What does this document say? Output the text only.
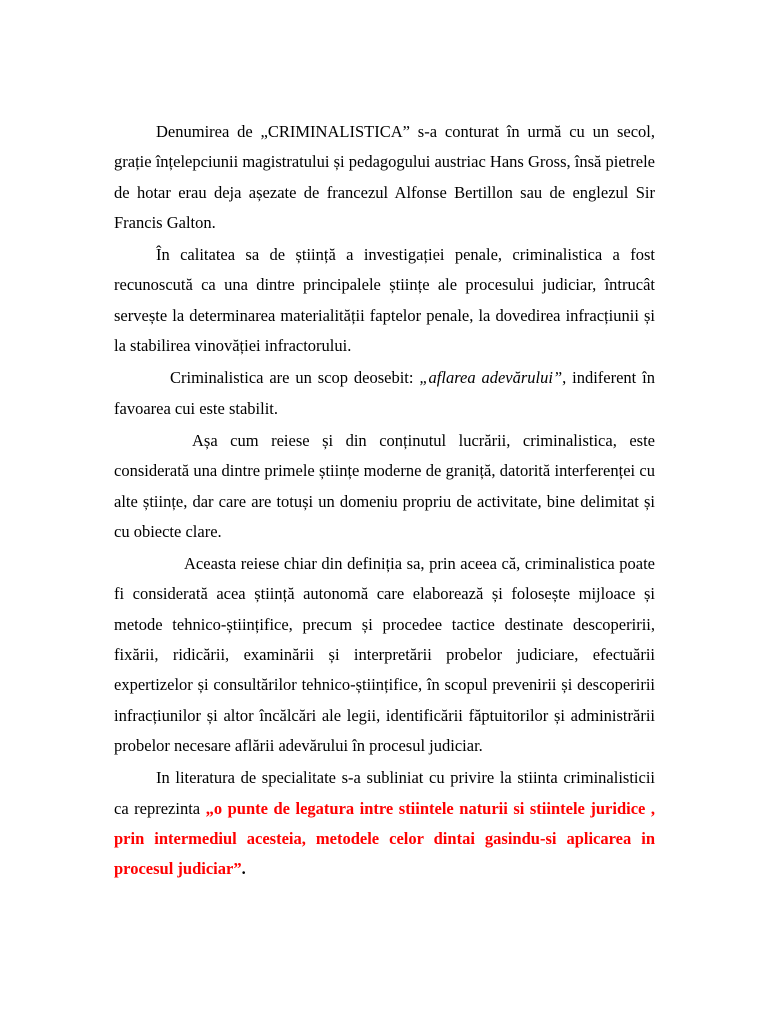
Denumirea de „CRIMINALISTICA” s-a conturat în urmă cu un secol, grație înțelepciunii magistratului și pedagogului austriac Hans Gross, însă pietrele de hotar erau deja așezate de francezul Alfonse Bertillon sau de englezul Sir Francis Galton.

În calitatea sa de știință a investigației penale, criminalistica a fost recunoscută ca una dintre principalele științe ale procesului judiciar, întrucât servește la determinarea materialității faptelor penale, la dovedirea infracțiunii și la stabilirea vinovăției infractorului.

Criminalistica are un scop deosebit: „aflarea adevărului”, indiferent în favoarea cui este stabilit.

Așa cum reiese și din conținutul lucrării, criminalistica, este considerată una dintre primele științe moderne de graniță, datorită interferenței cu alte științe, dar care are totuși un domeniu propriu de activitate, bine delimitat și cu obiecte clare.

Aceasta reiese chiar din definiția sa, prin aceea că, criminalistica poate fi considerată acea știință autonomă care elaborează și folosește mijloace și metode tehnico-științifice, precum și procedee tactice destinate descoperirii, fixării, ridicării, examinării și interpretării probelor judiciare, efectuării expertizelor și consultărilor tehnico-științifice, în scopul prevenirii și descoperirii infracțiunilor și altor încălcări ale legii, identificării făptuitorilor și administrării probelor necesare aflării adevărului în procesul judiciar.

In literatura de specialitate s-a subliniat cu privire la stiinta criminalisticii ca reprezinta „o punte de legatura intre stiintele naturii si stiintele juridice , prin intermediul acesteia, metodele celor dintai gasindu-si aplicarea in procesul judiciar”.
